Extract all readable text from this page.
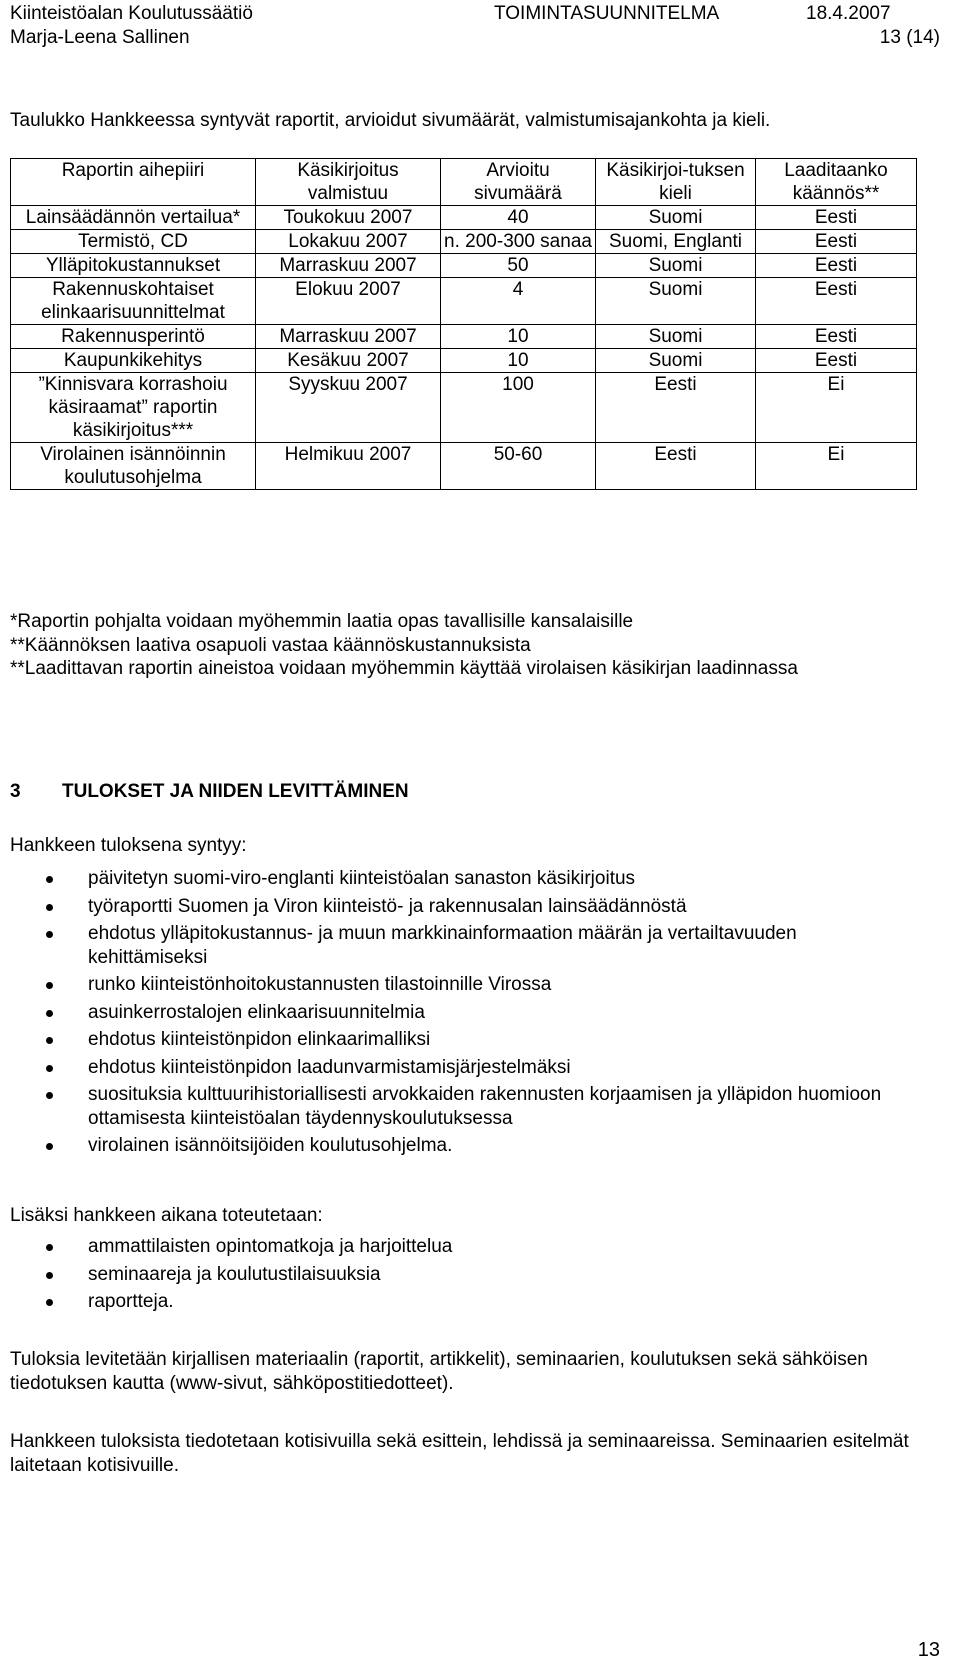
Kiinteistöalan Koulutussäätiö	TOIMINTASUUNNITELMA	18.4.2007
Marja-Leena Sallinen	13 (14)
Taulukko Hankkeessa syntyvät raportit, arvioidut sivumäärät, valmistumisajankohta ja kieli.
Raportin aihepiiri	Käsikirjoitus valmistuu	Arvioitu sivumäärä	Käsikirjoi-tuksen kieli	Laaditaanko käännös**
Lainsäädännön vertailua*	Toukokuu 2007	40	Suomi	Eesti
Termistö, CD	Lokakuu 2007	n. 200-300 sanaa	Suomi, Englanti	Eesti
Ylläpitokustannukset	Marraskuu 2007	50	Suomi	Eesti
Rakennuskohtaiset elinkaarisuunnittelmat	Elokuu 2007	4	Suomi	Eesti
Rakennusperintö	Marraskuu 2007	10	Suomi	Eesti
Kaupunkikehitys	Kesäkuu 2007	10	Suomi	Eesti
”Kinnisvara korrashoiu käsiraamat” raportin käsikirjoitus***	Syyskuu 2007	100	Eesti	Ei
Virolainen isännöinnin koulutusohjelma	Helmikuu 2007	50-60	Eesti	Ei
*Raportin pohjalta voidaan myöhemmin laatia opas tavallisille kansalaisille
**Käännöksen laativa osapuoli vastaa käännöskustannuksista
**Laadittavan raportin aineistoa voidaan myöhemmin käyttää virolaisen käsikirjan laadinnassa
3 TULOKSET JA NIIDEN LEVITTÄMINEN
Hankkeen tuloksena syntyy:
päivitetyn suomi-viro-englanti kiinteistöalan sanaston käsikirjoitus
työraportti Suomen ja Viron kiinteistö- ja rakennusalan lainsäädännöstä
ehdotus ylläpitokustannus- ja muun markkinainformaation määrän ja vertailtavuuden kehittämiseksi
runko kiinteistönhoitokustannusten tilastoinnille Virossa
asuinkerrostalojen elinkaarisuunnitelmia
ehdotus kiinteistönpidon elinkaarimalliksi
ehdotus kiinteistönpidon laadunvarmistamisjärjestelmäksi
suosituksia kulttuurihistoriallisesti arvokkaiden rakennusten korjaamisen ja ylläpidon huomioon ottamisesta kiinteistöalan täydennyskoulutuksessa
virolainen isännöitsijöiden koulutusohjelma.
Lisäksi hankkeen aikana toteutetaan:
ammattilaisten opintomatkoja ja harjoittelua
seminaareja ja koulutustilaisuuksia
raportteja.
Tuloksia levitetään kirjallisen materiaalin (raportit, artikkelit), seminaarien, koulutuksen sekä sähköisen tiedotuksen kautta (www-sivut, sähköpostitiedotteet).
Hankkeen tuloksista tiedotetaan kotisivuilla sekä esittein, lehdissä ja seminaareissa. Seminaarien esitelmät laitetaan kotisivuille.
13
